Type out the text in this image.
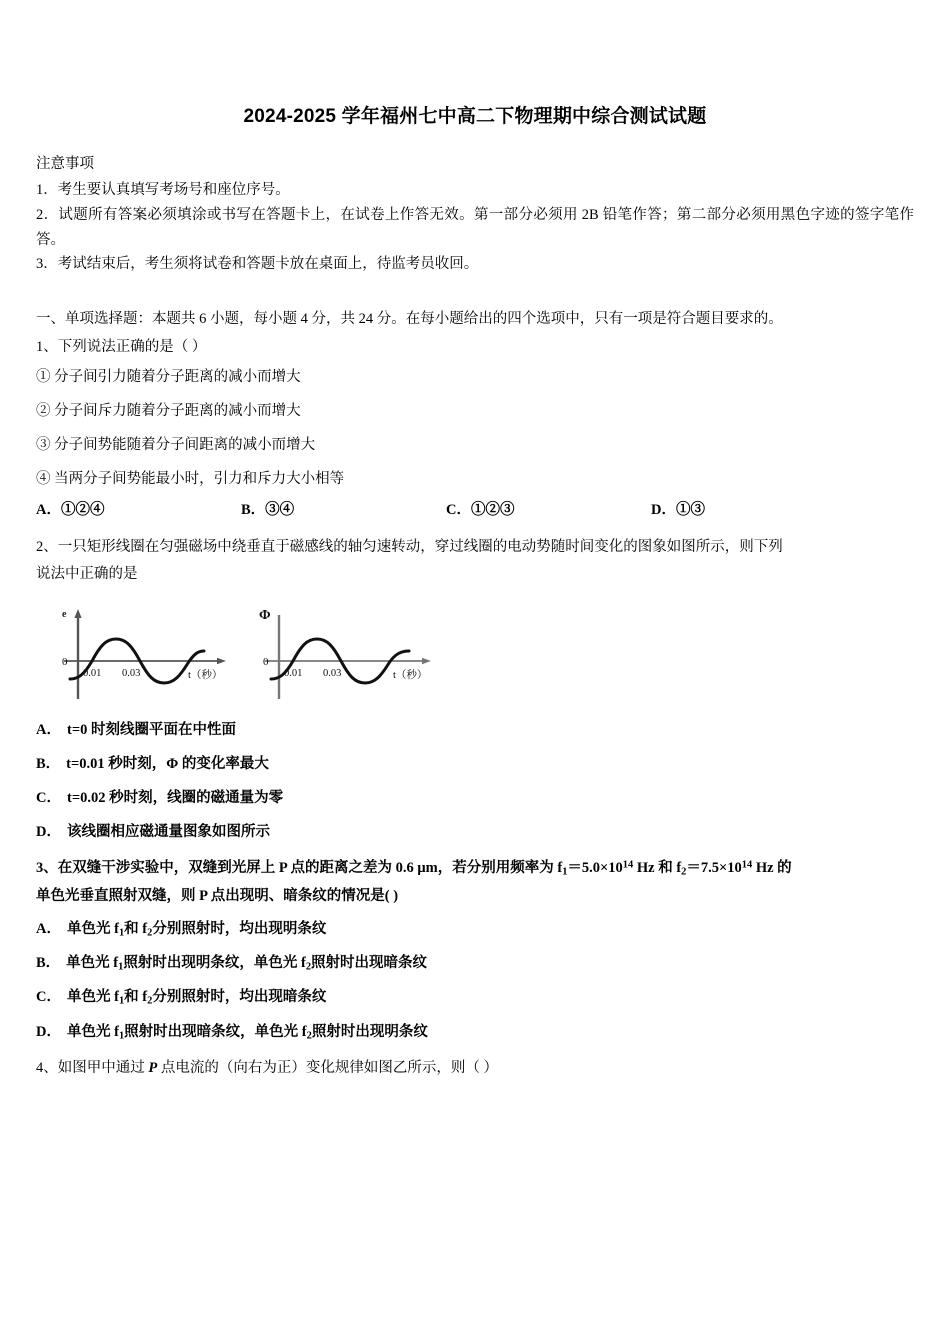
2024-2025 学年福州七中高二下物理期中综合测试试题

注意事项

1．考生要认真填写考场号和座位序号。

2．试题所有答案必须填涂或书写在答题卡上，在试卷上作答无效。第一部分必须用 2B 铅笔作答；第二部分必须用黑色字迹的签字笔作答。

3．考试结束后，考生须将试卷和答题卡放在桌面上，待监考员收回。

一、单项选择题：本题共 6 小题，每小题 4 分，共 24 分。在每小题给出的四个选项中，只有一项是符合题目要求的。

1、下列说法正确的是（ ）

① 分子间引力随着分子距离的减小而增大

② 分子间斥力随着分子距离的减小而增大

③ 分子间势能随着分子间距离的减小而增大

④ 当两分子间势能最小时，引力和斥力大小相等

A．①②④	B．③④	C．①②③	D．①③

2、一只矩形线圈在匀强磁场中绕垂直于磁感线的轴匀速转动，穿过线圈的电动势随时间变化的图象如图所示，则下列

说法中正确的是

e
0
0.01 0.03	t（秒）
Φ
0
0.01 0.03	t（秒）

A． t=0 时刻线圈平面在中性面

B． t=0.01 秒时刻，Φ 的变化率最大

C． t=0.02 秒时刻，线圈的磁通量为零

D． 该线圈相应磁通量图象如图所示

3、在双缝干涉实验中，双缝到光屏上 P 点的距离之差为 0.6 μm，若分别用频率为 $f_1=5.0\times 10^{14}$ Hz 和 $f_2=7.5\times 10^{14}$ Hz 的

单色光垂直照射双缝，则 P 点出现明、暗条纹的情况是( )

A． 单色光 $f_1$和 $f_2$分别照射时，均出现明条纹

B． 单色光 $f_1$照射时出现明条纹，单色光 $f_2$照射时出现暗条纹

C． 单色光 $f_1$和 $f_2$分别照射时，均出现暗条纹

D． 单色光 $f_1$照射时出现暗条纹，单色光 $f_2$照射时出现明条纹

4、如图甲中通过 P 点电流的（向右为正）变化规律如图乙所示，则（ ）
